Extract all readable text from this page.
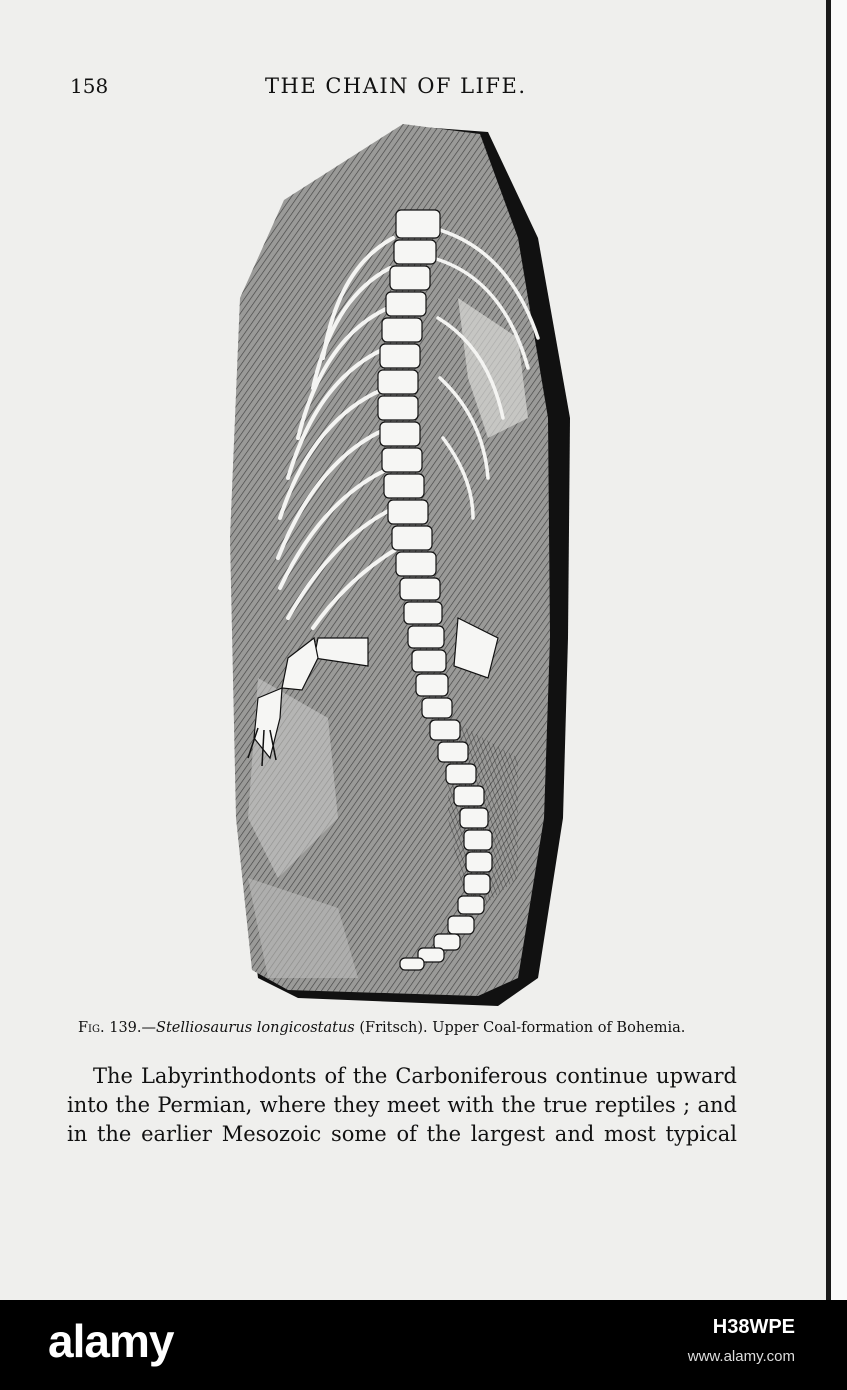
158	THE CHAIN OF LIFE.
Fig. 139.—Stelliosaurus longicostatus (Fritsch). Upper Coal-formation of Bohemia.
The Labyrinthodonts of the Carboniferous continue upward
into the Permian, where they meet with the true reptiles ; and
in the earlier Mesozoic some of the largest and most typical
alamy	H38WPE
www.alamy.com
